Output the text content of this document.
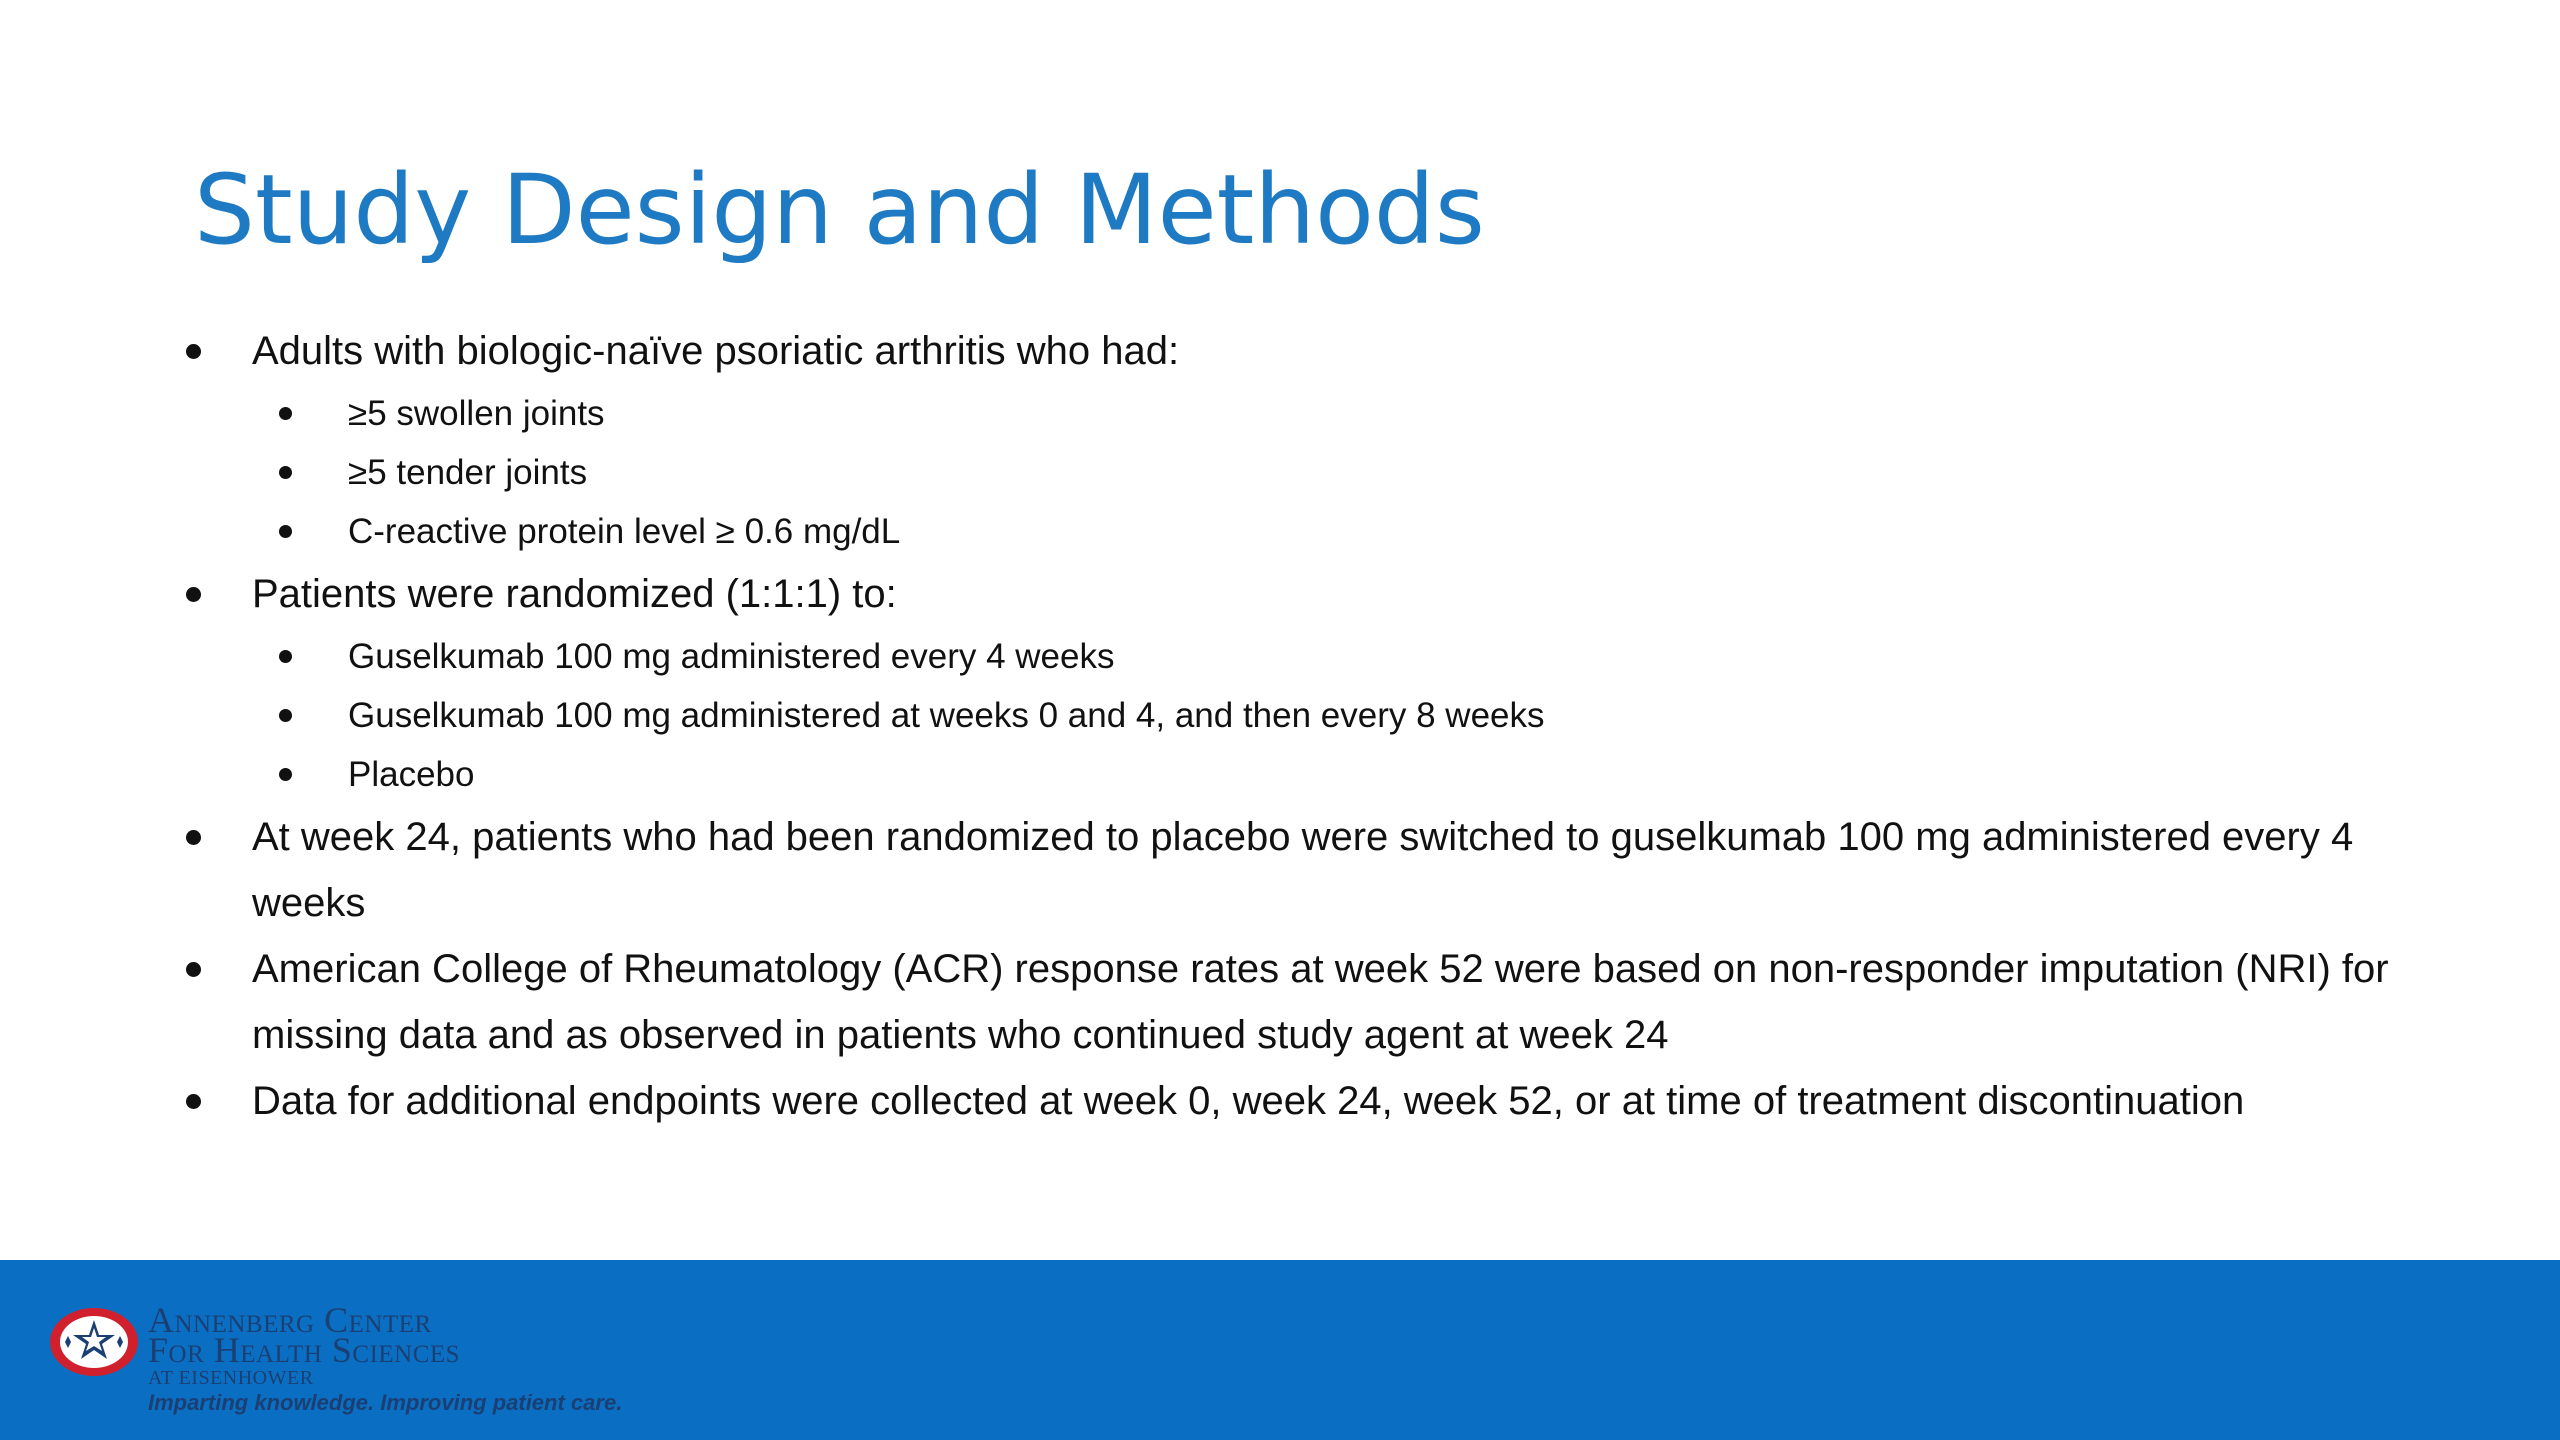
Study Design and Methods
Adults with biologic-naïve psoriatic arthritis who had:
≥5 swollen joints
≥5 tender joints
C-reactive protein level ≥ 0.6 mg/dL
Patients were randomized (1:1:1) to:
Guselkumab 100 mg administered every 4 weeks
Guselkumab 100 mg administered at weeks 0 and 4, and then every 8 weeks
Placebo
At week 24, patients who had been randomized to placebo were switched to guselkumab 100 mg administered every 4 weeks
American College of Rheumatology (ACR) response rates at week 52 were based on non-responder imputation (NRI) for missing data and as observed in patients who continued study agent at week 24
Data for additional endpoints were collected at week 0, week 24, week 52, or at time of treatment discontinuation
Annenberg Center
For Health Sciences
AT EISENHOWER
Imparting knowledge. Improving patient care.
